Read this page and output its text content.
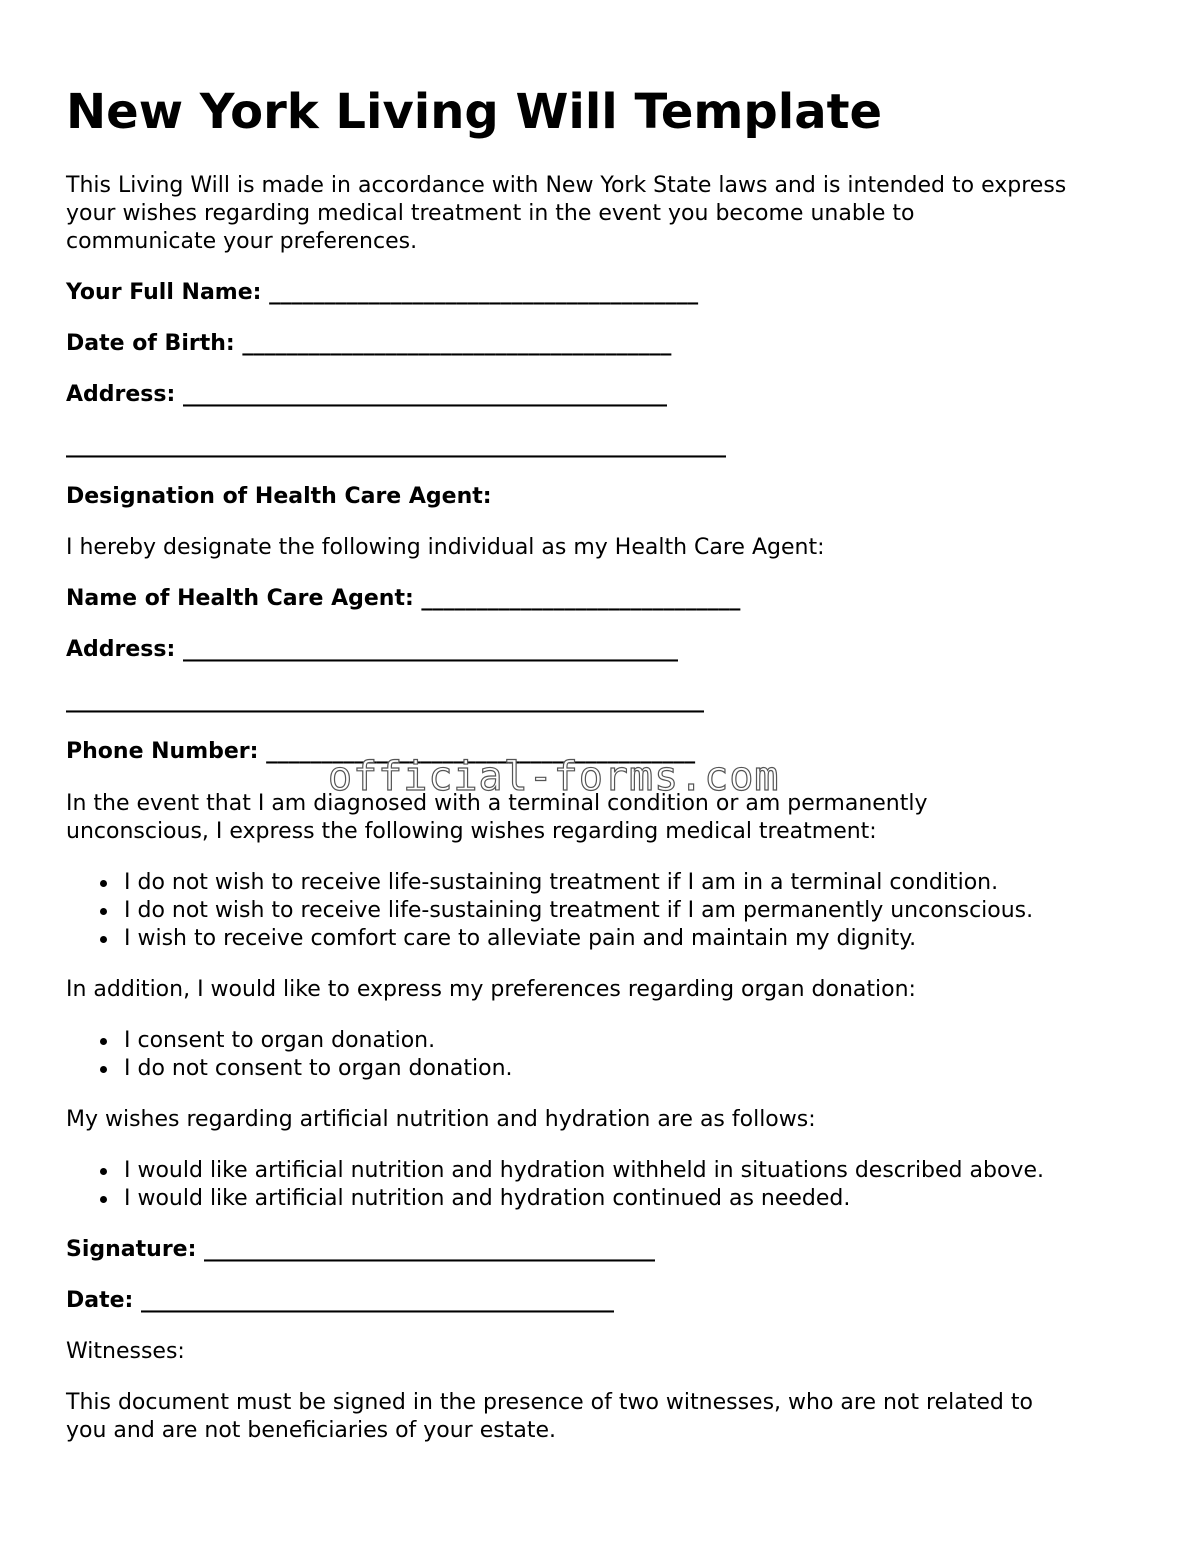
New York Living Will Template

This Living Will is made in accordance with New York State laws and is intended to express

your wishes regarding medical treatment in the event you become unable to

communicate your preferences.

Your Full Name: _______________________________________

Date of Birth: _______________________________________

Address: ____________________________________________

____________________________________________________________

Designation of Health Care Agent:

I hereby designate the following individual as my Health Care Agent:

Name of Health Care Agent: _____________________________

Address: _____________________________________________

__________________________________________________________

Phone Number: _______________________________________

In the event that I am diagnosed with a terminal condition or am permanently

unconscious, I express the following wishes regarding medical treatment:

I do not wish to receive life-sustaining treatment if I am in a terminal condition.
I do not wish to receive life-sustaining treatment if I am permanently unconscious.
I wish to receive comfort care to alleviate pain and maintain my dignity.

In addition, I would like to express my preferences regarding organ donation:

I consent to organ donation.
I do not consent to organ donation.

My wishes regarding artificial nutrition and hydration are as follows:

I would like artificial nutrition and hydration withheld in situations described above.
I would like artificial nutrition and hydration continued as needed.

Signature: _________________________________________

Date: ___________________________________________

Witnesses:

This document must be signed in the presence of two witnesses, who are not related to

you and are not beneficiaries of your estate.

official-forms.com
